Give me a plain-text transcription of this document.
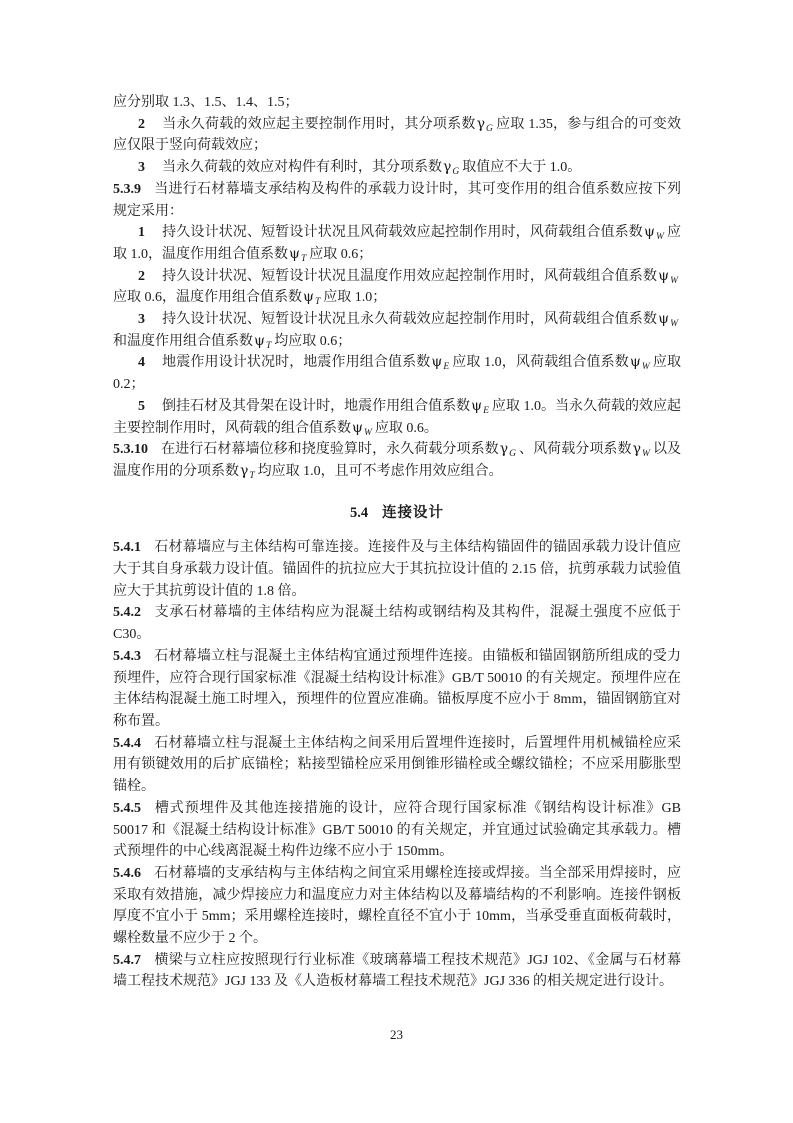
应分别取 1.3、1.5、1.4、1.5；

2 当永久荷载的效应起主要控制作用时，其分项系数$\gamma_G$ 应取 1.35，参与组合的可变效应仅限于竖向荷载效应；

3 当永久荷载的效应对构件有利时，其分项系数$\gamma_G$ 取值应不大于 1.0。

5.3.9 当进行石材幕墙支承结构及构件的承载力设计时，其可变作用的组合值系数应按下列规定采用：

1 持久设计状况、短暂设计状况且风荷载效应起控制作用时，风荷载组合值系数$\psi_W$ 应取 1.0，温度作用组合值系数$\psi_T$ 应取 0.6；

2 持久设计状况、短暂设计状况且温度作用效应起控制作用时，风荷载组合值系数$\psi_W$应取 0.6，温度作用组合值系数$\psi_T$ 应取 1.0；

3 持久设计状况、短暂设计状况且永久荷载效应起控制作用时，风荷载组合值系数$\psi_W$和温度作用组合值系数$\psi_T$ 均应取 0.6；

4 地震作用设计状况时，地震作用组合值系数$\psi_E$ 应取 1.0，风荷载组合值系数$\psi_W$ 应取 0.2；

5 倒挂石材及其骨架在设计时，地震作用组合值系数$\psi_E$ 应取 1.0。当永久荷载的效应起主要控制作用时，风荷载的组合值系数$\psi_W$ 应取 0.6。

5.3.10 在进行石材幕墙位移和挠度验算时，永久荷载分项系数$\gamma_G$ 、风荷载分项系数$\gamma_W$ 以及温度作用的分项系数$\gamma_T$ 均应取 1.0，且可不考虑作用效应组合。

5.4 连接设计

5.4.1 石材幕墙应与主体结构可靠连接。连接件及与主体结构锚固件的锚固承载力设计值应大于其自身承载力设计值。锚固件的抗拉应大于其抗拉设计值的 2.15 倍，抗剪承载力试验值应大于其抗剪设计值的 1.8 倍。

5.4.2 支承石材幕墙的主体结构应为混凝土结构或钢结构及其构件，混凝土强度不应低于 C30。

5.4.3 石材幕墙立柱与混凝土主体结构宜通过预埋件连接。由锚板和锚固钢筋所组成的受力预埋件，应符合现行国家标准《混凝土结构设计标准》GB/T 50010 的有关规定。预埋件应在主体结构混凝土施工时埋入，预埋件的位置应准确。锚板厚度不应小于 8mm，锚固钢筋宜对称布置。

5.4.4 石材幕墙立柱与混凝土主体结构之间采用后置埋件连接时，后置埋件用机械锚栓应采用有锁键效用的后扩底锚栓；粘接型锚栓应采用倒锥形锚栓或全螺纹锚栓；不应采用膨胀型锚栓。

5.4.5 槽式预埋件及其他连接措施的设计，应符合现行国家标准《钢结构设计标准》GB 50017 和《混凝土结构设计标准》GB/T 50010 的有关规定，并宜通过试验确定其承载力。槽式预埋件的中心线离混凝土构件边缘不应小于 150mm。

5.4.6 石材幕墙的支承结构与主体结构之间宜采用螺栓连接或焊接。当全部采用焊接时，应采取有效措施，减少焊接应力和温度应力对主体结构以及幕墙结构的不利影响。连接件钢板厚度不宜小于 5mm；采用螺栓连接时，螺栓直径不宜小于 10mm，当承受垂直面板荷载时，螺栓数量不应少于 2 个。

5.4.7 横梁与立柱应按照现行行业标准《玻璃幕墙工程技术规范》JGJ 102、《金属与石材幕墙工程技术规范》JGJ 133 及《人造板材幕墙工程技术规范》JGJ 336 的相关规定进行设计。

23
